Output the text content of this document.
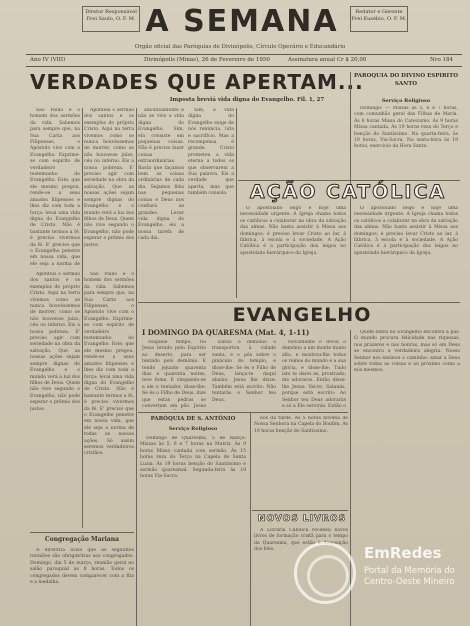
Diretor Responsável
Frei Saulo, O. F. M. A SEMANA	Redator e Gerente
Frei Eusébio, O. F. M.
Orgão oficial das Paróquias de Divinópolis, Círculo Operário e Educandário
Ano IV (VIII)	Divinópolis (Minas), 26 de Fevereiro de 1950	Assinatura anual Cr $ 20,00	Nro 184
VERDADES QUE APERTAM...
Imposta breviá vida digna do Evangelho. Fil. 1, 27

São Paulo é o homem dos sermões da vida. Sabemos para sempre que, na Sua Carta aos Filipenses, o Apóstolo vive com o Evangelho. Exprime-se com espírito de verdadeiro testemunho do Evangelho. Este, que ele mesmo pregou, rende-se a seus amados filipenses e lhes diz com toda a força: levai uma vida digna do Evangelho de Cristo. Não é bastante termos a fé, é preciso vivermos da fé. E' preciso que o Evangelho penetre em nossa vida, que ele seja a norma de

Aponteis o sermão dos santos e os exemplos do próprio Cristo. Aqui na terra vivemos como se nunca houvéssemos de morrer, como se não houvesse juízo, céu ou inferno. Eis a nossa pobreza. E' preciso agir com seriedade na obra da salvação. Que as nossas ações sejam sempre dignas do Evangelho e o mundo verá a luz dos filhos de Deus. Quem não vive segundo o Evangelho, não pode esperar o prêmio dos justos.

amontoamento e não se vive a vida digna do Evangelho. Sim, ela consiste em pequenas coisas. Não é preciso fazer coisas extraordinárias. Basta que façamos bem as coisas ordinárias de cada dia. Sejamos fiéis nas pequenas coisas e Deus nos confiará as grandes. Levar vida digna do Evangelho, eis a nossa tarefa de cada dia.

Sim, a vida digna do Evangelho exige de nós renúncia, luta e sacrifício. Mas a recompensa é grande. Cristo prometeu a vida eterna a todos os que observarem a Sua palavra. Eis a verdade que aperta, mas que também consola.

Aponteis o sermão dos santos e os exemplos do próprio Cristo. Aqui na terra vivemos como se nunca houvéssemos de morrer, como se não houvesse juízo, céu ou inferno. Eis a nossa pobreza. E' preciso agir com seriedade na obra da salvação. Que as nossas ações sejam sempre dignas do Evangelho e o mundo verá a luz dos filhos de Deus. Quem não vive segundo o Evangelho, não pode esperar o prêmio dos justos.

São Paulo é o homem dos sermões da vida. Sabemos para sempre que, na Sua Carta aos Filipenses, o Apóstolo vive com o Evangelho. Exprime-se com espírito de verdadeiro testemunho do Evangelho. Este, que ele mesmo pregou, rende-se a seus amados filipenses e lhes diz com toda a força: levai uma vida digna do Evangelho de Cristo. Não é bastante termos a fé, é preciso vivermos da fé. E' preciso que o Evangelho penetre em nossa vida, que ele seja a norma de todas as nossas ações. Só assim seremos verdadeiros cristãos.

Congregação Mariana

A diretoria avisa que as seguintes reuniões são obrigatórias aos congregados. Domingo, dia 5 de março, reunião geral no salão paroquial às 8 horas. Todos os congregados devem comparecer com a fita e a medalha.

PAROQUIA DO DIVINO ESPIRITO SANTO
Serviço Religioso

Domingo: — Missas às 5, 6 e 7 horas, com comunhão geral das Filhas de Maria. Às 8 horas Missa do Catecismo. Às 9 horas Missa cantada. Às 19 horas reza do Terço e benção do Santíssimo. Na quarta-feira, às 19 horas, Via-Sacra. Na sexta-feira às 19 horas, exercício da Hora Santa.

AÇÃO CATÓLICA

O apostolado leigo é hoje uma necessidade urgente. A Igreja chama todos os católicos a colaborar na obra da salvação das almas. Não basta assistir à Missa aos domingos; é preciso levar Cristo ao lar, à fábrica, à escola e à sociedade. A Ação Católica é a participação dos leigos no apostolado hierárquico da Igreja.

O apostolado leigo é hoje uma necessidade urgente. A Igreja chama todos os católicos a colaborar na obra da salvação das almas. Não basta assistir à Missa aos domingos; é preciso levar Cristo ao lar, à fábrica, à escola e à sociedade. A Ação Católica é a participação dos leigos no apostolado hierárquico da Igreja.

EVANGELHO
I DOMINGO DA QUARESMA (Mat. 4, 1-11)

Naquele tempo, foi Jesus levado pelo Espírito ao deserto, para ser tentado pelo demônio. E tendo jejuado quarenta dias e quarenta noites, teve fome. E chegando-se a ele o tentador, disse-lhe: Se és o Filho de Deus, dize que estas pedras se convertam em pão. Jesus

Então o demônio o transportou à cidade santa, e o pôs sobre o pináculo do templo, e disse-lhe: Se és o Filho de Deus, lança-te daqui abaixo. Jesus lhe disse: Também está escrito: Não tentarás o Senhor teu Deus.

Novamente o levou o demônio a um monte muito alto, e mostrou-lhe todos os reinos do mundo e a sua glória, e disse-lhe: Tudo isto te darei se, prostrado, me adorares. Então disse-lhe Jesus: Vai-te, Satanás, porque está escrito: Ao Senhor teu Deus adorarás e só a Ele servirás. Então o

Quem entra no Evangelho encontra a paz. O mundo procura felicidade nas riquezas, nos prazeres e nas honras, mas só em Deus se encontra a verdadeira alegria. Nosso Senhor nos ensinou o caminho: amar a Deus sobre todas as coisas e ao próximo como a nós mesmos.

PARÓQUIA DE S. ANTÔNIO
Serviço Religioso

Domingo de Quaresma, 5 de março: Missas às 5, 6 e 7 horas na Matriz. Às 9 horas Missa cantada com sermão. Às 15 horas reza do Terço na Capela de Santa Luzia. Às 19 horas benção do Santíssimo e sermão quaresmal. Segunda-feira às 19 horas Via-Sacra.

nos da tarde. Às 5 horas novena de Nossa Senhora na Capela do Bonfim. Às 19 horas benção do Santíssimo.

NOVOS LIVROS

A Livraria Católica recebeu novos livros de formação cristã para o tempo da Quaresma, que estão à disposição dos fiéis.	EmRedes
Portal da Memória do Centro-Oeste Mineiro
